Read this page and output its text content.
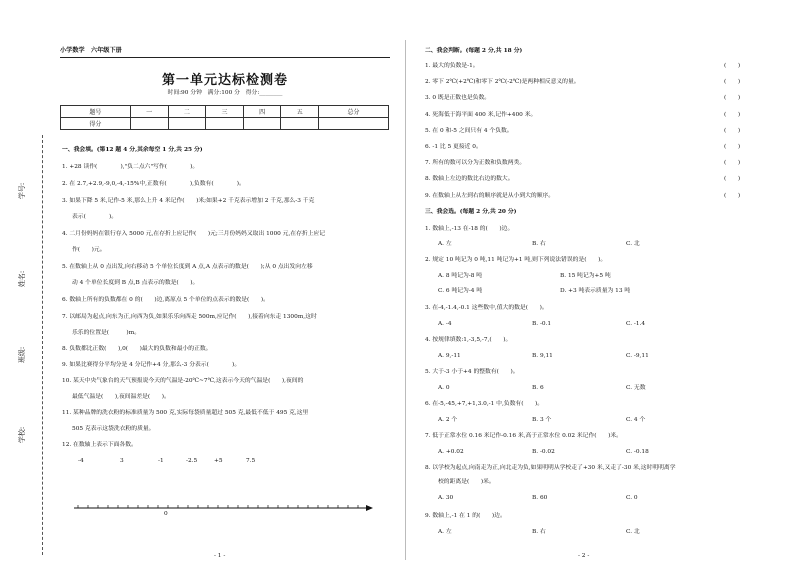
小学数学　六年级下册
第一单元达标检测卷
时间:90 分钟　满分:100 分　得分:________
题号	一	二	三	四	五	总分
得分						
学号:
姓名:
班级:
学校:
一、我会填。(第12 题 4 分,其余每空 1 分,共 25 分)
1. +28 读作(　　　　),"负二点六"写作(　　　　)。
2. 在 2.7,+2.9,-9,0,-4,-15%中,正数有(　　　　),负数有(　　　　)。
3. 如果下降 5 米,记作-5 米,那么上升 4 米记作(　　)米;如果+2 千克表示增加 2 千克,那么-3 千克
表示(　　　　)。
4. 二月份妈妈在银行存入 5000 元,在存折上应记作(　　)元;三月份妈妈又取出 1000 元,在存折上应记
作(　　)元。
5. 在数轴上从 0 点出发,向右移动 5 个单位长度到 A 点,A 点表示的数是(　　);从 0 点出发向左移
动 4 个单位长度到 B 点,B 点表示的数是(　　)。
6. 数轴上所有的负数都在 0 的(　　)边,离原点 5 个单位的点表示的数是(　　)。
7. 以邮局为起点,向东为正,向西为负,如果乐乐向西走 500m,应记作(　　),接着向东走 1300m,这时
乐乐的位置是(　　　)m。
8. 负数都比正数(　　),0(　　)最大的负数和最小的正数。
9. 如果比赛得分平均分是 4 分记作+4 分,那么-3 分表示(　　　　)。
10. 某天中央气象台的天气预报说今天的气温是-20℃~7℃,这表示今天的气温是(　　),夜间的
最低气温是(　　),夜间温差是(　　)。
11. 某种品牌的洗衣粉的标准质量为 500 克,实际每袋质量超过 505 克,最低不低于 495 克,这里
505 克表示这袋洗衣粉的质量。
12. 在数轴上表示下面各数。
-4	3	-1	-2.5	+5	7.5
0
- 1 -
二、我会判断。(每题 2 分,共 18 分)
1. 最大的负数是-1。	(　　)
2. 零下 2℃(+2℃)和零下 2℃(-2℃)是两种相反意义的量。	(　　)
3. 0 既是正数也是负数。	(　　)
4. 死海低于海平面 400 米,记作+400 米。	(　　)
5. 在 0 和-5 之间只有 4 个负数。	(　　)
6. -1 比 5 更接近 0。	(　　)
7. 所有的数可以分为正数和负数两类。	(　　)
8. 数轴上左边的数比右边的数大。	(　　)
9. 在数轴上从左到右的顺序就是从小到大的顺序。	(　　)
三、我会选。(每题 2 分,共 20 分)
1. 数轴上,-13 在-18 的(　　)边。
A. 左	B. 右	C. 北
2. 规定 10 吨记为 0 吨,11 吨记为+1 吨,则下列说法错误的是(　　)。
A. 8 吨记为-8 吨	B. 15 吨记为+5 吨
C. 6 吨记为-4 吨	D. +3 吨表示质量为 13 吨
3. 在-4,-1.4,-0.1 这些数中,值大的数是(　　)。
A. -4	B. -0.1	C. -1.4
4. 按规律填数:1,-3,5,-7,(　　)。
A. 9,-11	B. 9,11	C. -9,11
5. 大于-3 小于+4 的整数有(　　)。
A. 0	B. 6	C. 无数
6. 在-5,-45,+7,+1,3.0,-1 中,负数有(　　)。
A. 2 个	B. 3 个	C. 4 个
7. 低于正常水位 0.16 米记作-0.16 米,高于正常水位 0.02 米记作(　　)米。
A. +0.02	B. -0.02	C. -0.18
8. 以学校为起点,向南走为正,向北走为负,如果明明从学校走了+30 米,又走了-30 米,这时明明离学
校的距离是(　　)米。
A. 30	B. 60	C. 0
9. 数轴上,-1 在 1 的(　　)边。
A. 左	B. 右	C. 北
- 2 -
